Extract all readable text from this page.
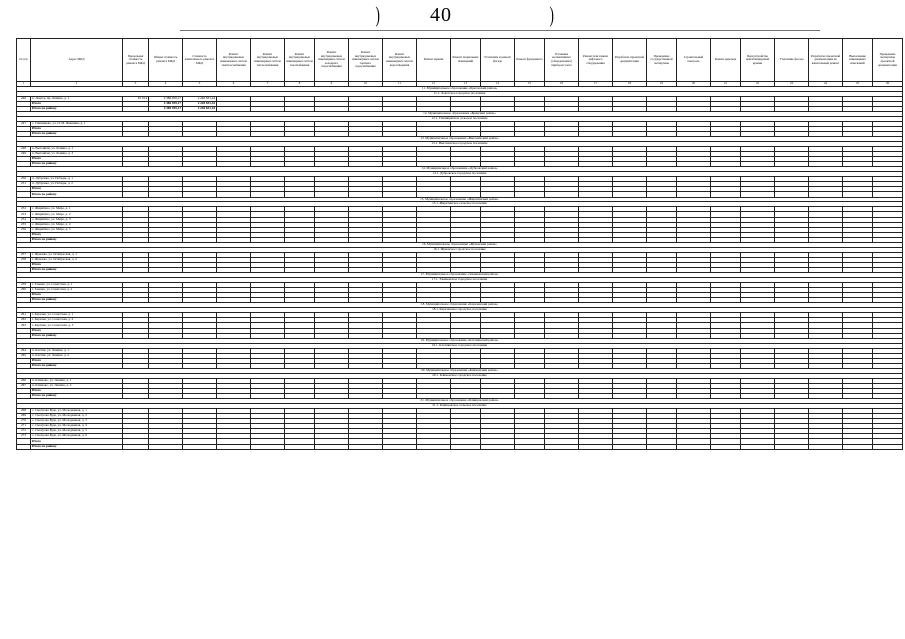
)	40	)
№ п/п	Адрес МКД	Предельная стоимость ремонта МКД	Общая стоимость ремонта МКД	Стоимость капитального ремонта МКД	Ремонт внутридомовых инженерных систем электроснабжения	Ремонт внутридомовых инженерных систем теплоснабжения	Ремонт внутридомовых инженерных систем газоснабжения	Ремонт внутридомовых инженерных систем холодного водоснабжения	Ремонт внутридомовых инженерных систем горячего водоснабжения	Ремонт внутридомовых инженерных систем водоотведения	Ремонт крыши	Ремонт подвальных помещений	Утепление и ремонт фасада	Ремонт фундамента	Установка коллективных (общедомовых) приборов учета	Ремонт или замена лифтового оборудования	Разработка проектной документации	Проведение государственной экспертизы	Строительный контроль	Ремонт крыльца	Переустройство невентилируемой крыши	Утепление фасада	Разработка проектной документации на капитальный ремонт	Выполнение инженерных изысканий	Проведение экспертизы проектной документации	
1	2	3	4	5	6	7	8	9	10	11	12	13	14	15	16	17	18	19	20	21	22	23	24	25	26	
11. Муниципальное образование «Брасовский район»																										
11.1. Локотское городское поселение																										
246	п. Локоть, пр. Ленина, д. 1	81 914	4 386 959,17	2 240 831,44																						
	Итого		4 386 959,17	2 240 831,44																						
	Итого по району		4 386 959,17	2 240 831,44																						
12. Муниципальное образование «Брянский район»																										
12.1. Глинищевское сельское поселение																										
247	с. Глинищево, ул. П. М. Яшенина, д. 1																									
	Итого																									
	Итого по району																									
13. Муниципальное образование «Выгоничский район»																										
13.1. Выгоничское городское поселение																										
248	п. Выгоничи, ул. Ленина, д. 1																									
249	п. Выгоничи, ул. Ленина, д. 3																									
	Итого																									
	Итого по району																									
14. Муниципальное образование «Дубровский район»																										
14.1. Дубровское городское поселение																										
250	п. Дубровка, ул. Победы, д. 1																									
251	п. Дубровка, ул. Победы, д. 2																									
	Итого																									
	Итого по району																									
15. Муниципальное образование «Жирятинский район»																										
15.1. Жирятинское сельское поселение																										
252	с. Жирятино, ул. Мира, д. 1																									
253	с. Жирятино, ул. Мира, д. 2																									
254	с. Жирятино, ул. Мира, д. 3																									
255	с. Жирятино, ул. Мира, д. 4																									
256	с. Жирятино, ул. Мира, д. 5																									
	Итого																									
	Итого по району																									
16. Муниципальное образование «Жуковский район»																										
16.1. Жуковское городское поселение																										
257	г. Жуковка, ул. Octябрьская, д. 1																									
258	г. Жуковка, ул. Octябрьская, д. 2																									
	Итого																									
	Итого по району																									
17. Муниципальное образование «Злынковский район»																										
17.1. Злынковское городское поселение																										
259	г. Злынка, ул. Советская, д. 1																									
260	г. Злынка, ул. Советская, д. 2																									
	Итого																									
	Итого по району																									
18. Муниципальное образование «Карачевский район»																										
18.1. Карачевское городское поселение																										
261	г. Карачев, ул. Советская, д. 1																									
262	г. Карачев, ул. Советская, д. 2																									
263	г. Карачев, ул. Советская, д. 3																									
	Итого																									
	Итого по району																									
19. Муниципальное образование «Клетнянский район»																										
19.1. Клетнянское городское поселение																										
264	п. Клетня, ул. Ленина, д. 1																									
265	п. Клетня, ул. Ленина, д. 2																									
	Итого																									
	Итого по району																									
20. Муниципальное образование «Климовский район»																										
20.1. Климовское городское поселение																										
266	п. Климово, ул. Ленина, д. 1																									
267	п. Климово, ул. Ленина, д. 2																									
	Итого																									
	Итого по району																									
21. Муниципальное образование «Клинцовский район»																										
21.1. Клинцовское сельское поселение																										
268	с. Смотрова Буда, ул. Молодежная, д. 1																									
269	с. Смотрова Буда, ул. Молодежная, д. 2																									
270	с. Смотрова Буда, ул. Молодежная, д. 3																									
271	с. Смотрова Буда, ул. Молодежная, д. 4																									
272	с. Смотрова Буда, ул. Молодежная, д. 5																									
273	с. Смотрова Буда, ул. Молодежная, д. 6																									
	Итого																									
	Итого по району																									
